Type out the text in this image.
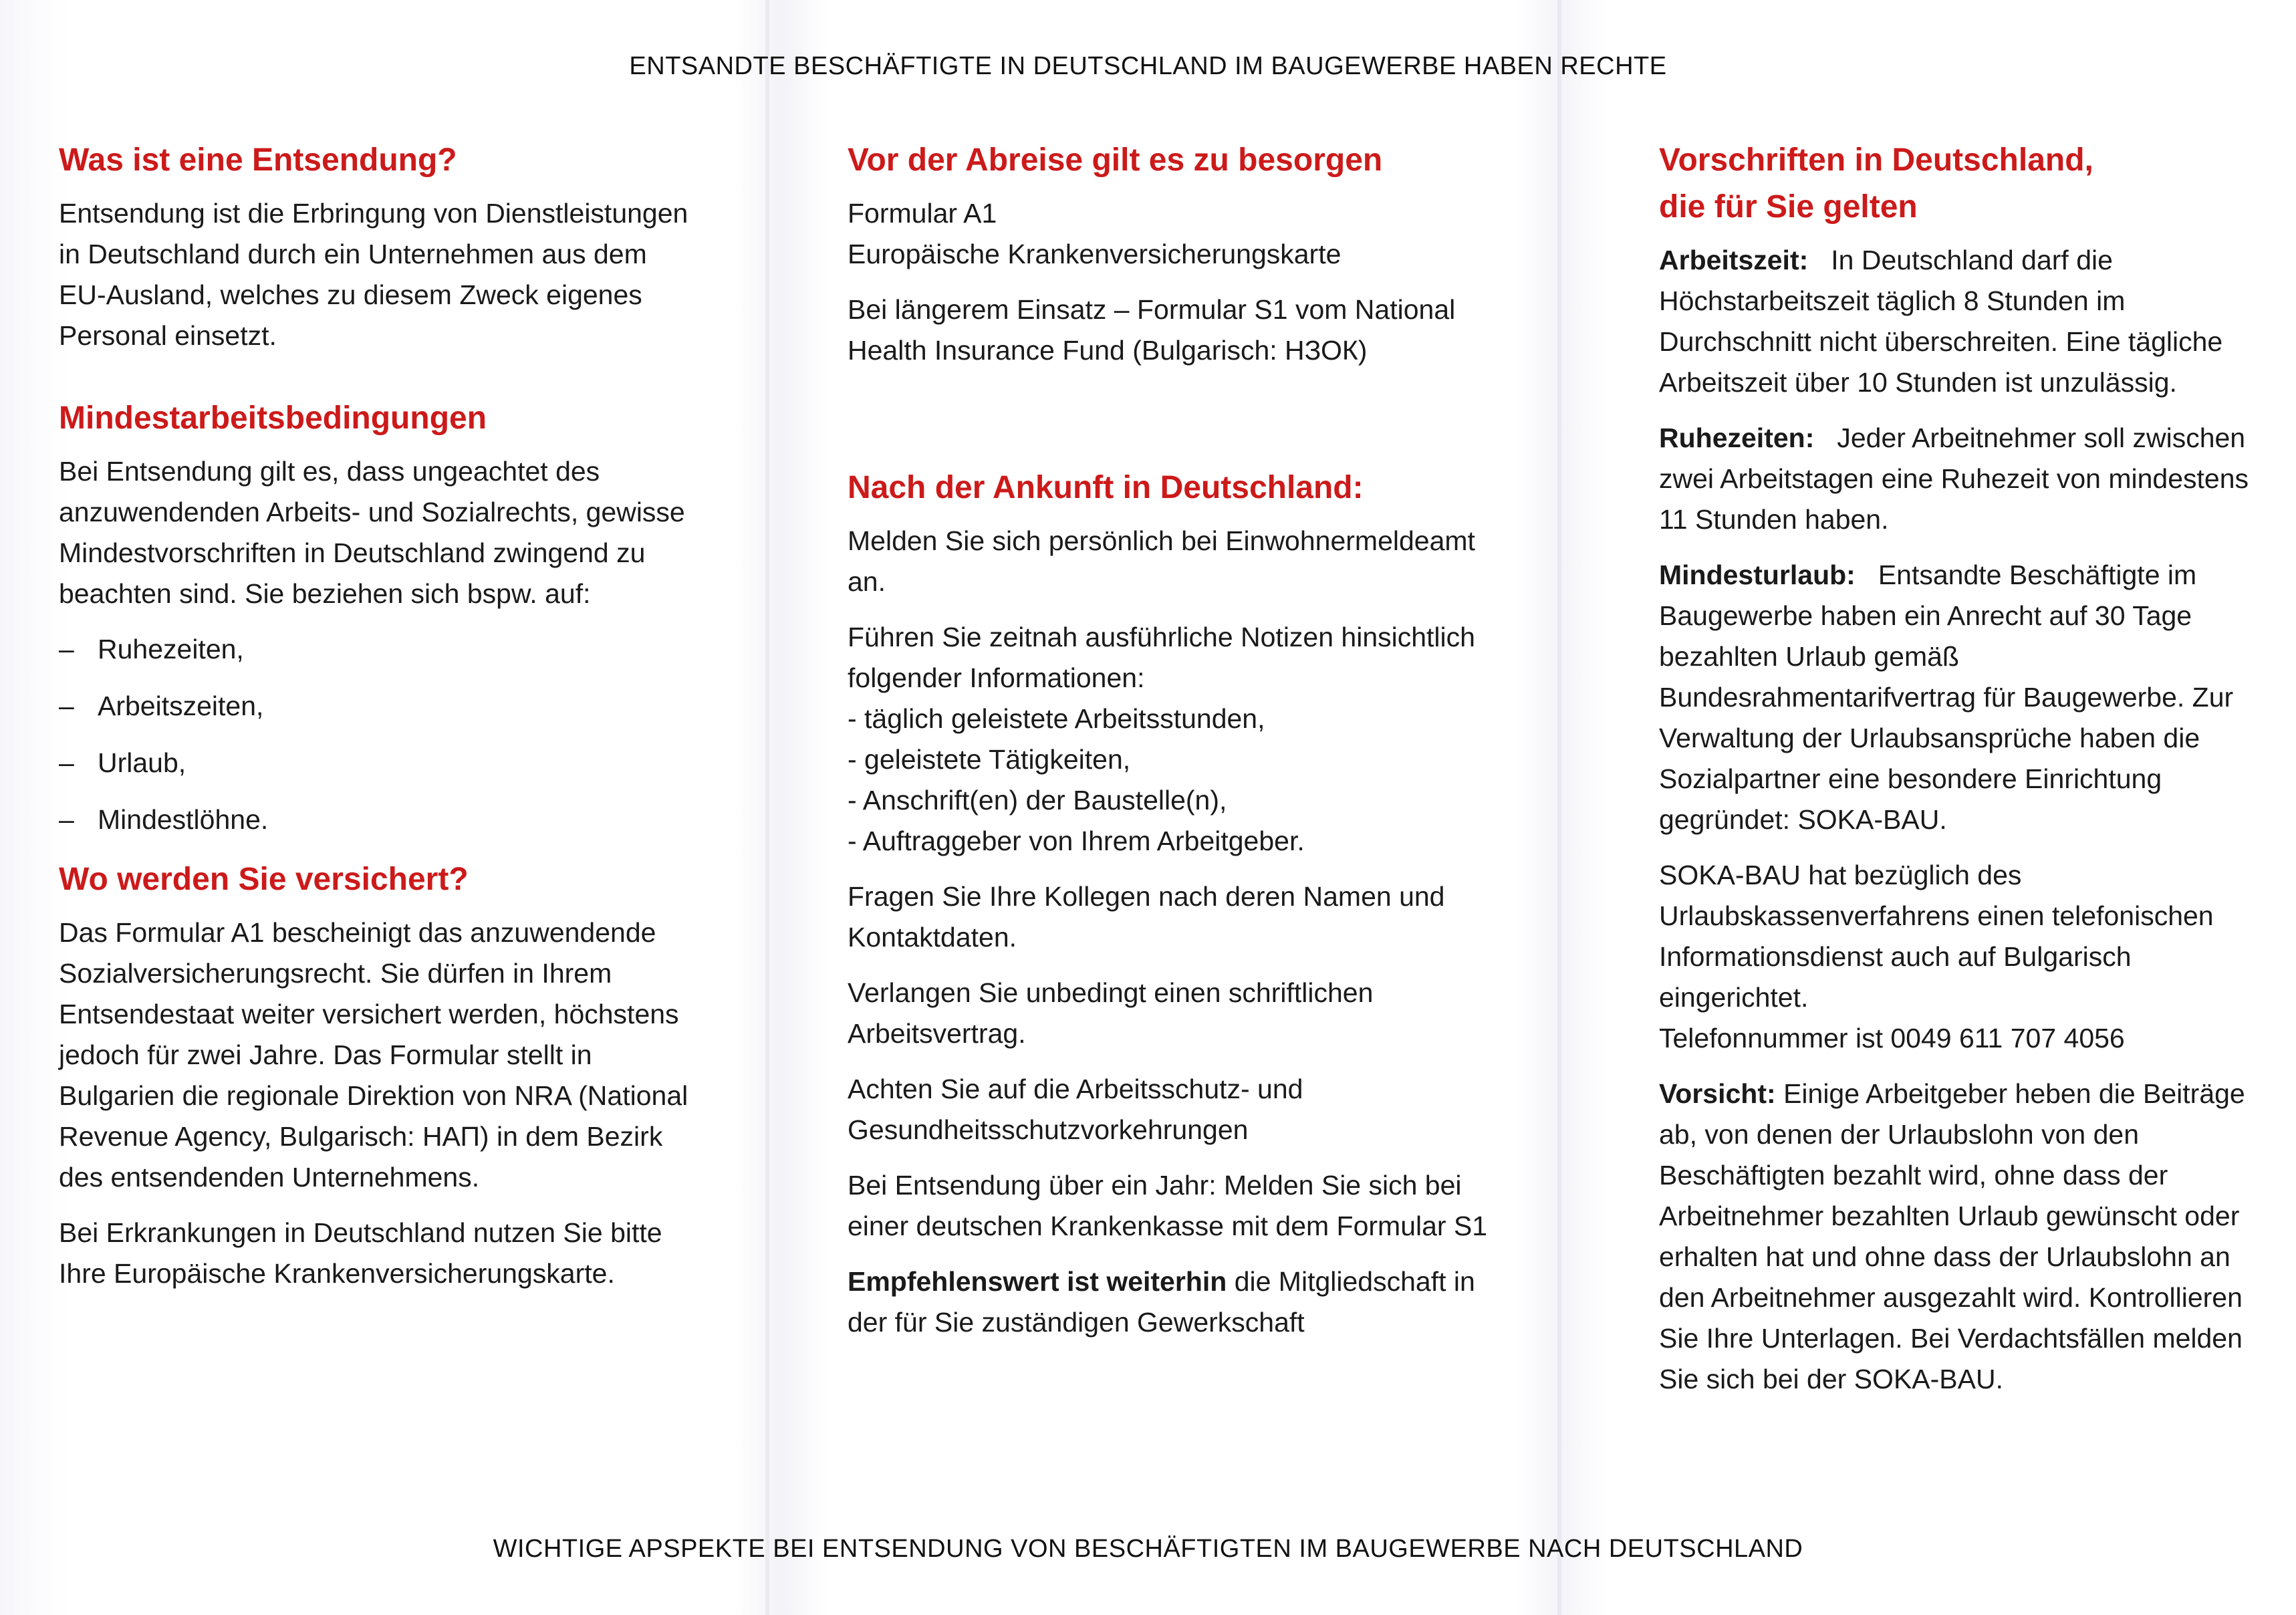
ENTSANDTE BESCHÄFTIGTE IN DEUTSCHLAND IM BAUGEWERBE HABEN RECHTE
Was ist eine Entsendung?

Entsendung ist die Erbringung von Dienstleistungen in Deutschland durch ein Unternehmen aus dem EU-Ausland, welches zu diesem Zweck eigenes Personal einsetzt.

Mindestarbeitsbedingungen

Bei Entsendung gilt es, dass ungeachtet des anzuwendenden Arbeits- und Sozialrechts, gewisse Mindestvorschriften in Deutschland zwingend zu beachten sind. Sie beziehen sich bspw. auf:

– Ruhezeiten,
– Arbeitszeiten,
– Urlaub,
– Mindestlöhne.
Wo werden Sie versichert?

Das Formular A1 bescheinigt das anzuwendende Sozialversicherungsrecht. Sie dürfen in Ihrem Entsendestaat weiter versichert werden, höchstens jedoch für zwei Jahre. Das Formular stellt in Bulgarien die regionale Direktion von NRA (National Revenue Agency, Bulgarisch: НАП) in dem Bezirk des entsendenden Unternehmens.

Bei Erkrankungen in Deutschland nutzen Sie bitte Ihre Europäische Krankenversicherungskarte.

Vor der Abreise gilt es zu besorgen
Formular A1
Europäische Krankenversicherungskarte

Bei längerem Einsatz – Formular S1 vom National Health Insurance Fund (Bulgarisch: НЗОК)

Nach der Ankunft in Deutschland:

Melden Sie sich persönlich bei Einwohnermeldeamt an.

Führen Sie zeitnah ausführliche Notizen hinsichtlich folgender Informationen:
- täglich geleistete Arbeitsstunden,
- geleistete Tätigkeiten,
- Anschrift(en) der Baustelle(n),
- Auftraggeber von Ihrem Arbeitgeber.

Fragen Sie Ihre Kollegen nach deren Namen und Kontaktdaten.

Verlangen Sie unbedingt einen schriftlichen Arbeitsvertrag.

Achten Sie auf die Arbeitsschutz- und Gesundheitsschutzvorkehrungen

Bei Entsendung über ein Jahr: Melden Sie sich bei einer deutschen Krankenkasse mit dem Formular S1

Empfehlenswert ist weiterhin die Mitgliedschaft in der für Sie zuständigen Gewerkschaft

Vorschriften in Deutschland,
die für Sie gelten

Arbeitszeit: In Deutschland darf die Höchstarbeitszeit täglich 8 Stunden im Durchschnitt nicht überschreiten. Eine tägliche Arbeitszeit über 10 Stunden ist unzulässig.

Ruhezeiten: Jeder Arbeitnehmer soll zwischen zwei Arbeitstagen eine Ruhezeit von mindestens 11 Stunden haben.

Mindesturlaub: Entsandte Beschäftigte im Baugewerbe haben ein Anrecht auf 30 Tage bezahlten Urlaub gemäß Bundesrahmentarifvertrag für Baugewerbe. Zur Verwaltung der Urlaubsansprüche haben die Sozialpartner eine besondere Einrichtung gegründet: SOKA-BAU.

SOKA-BAU hat bezüglich des Urlaubskassenverfahrens einen telefonischen Informationsdienst auch auf Bulgarisch eingerichtet.

Telefonnummer ist 0049 611 707 4056

Vorsicht: Einige Arbeitgeber heben die Beiträge ab, von denen der Urlaubslohn von den Beschäftigten bezahlt wird, ohne dass der Arbeitnehmer bezahlten Urlaub gewünscht oder erhalten hat und ohne dass der Urlaubslohn an den Arbeitnehmer ausgezahlt wird. Kontrollieren Sie Ihre Unterlagen. Bei Verdachtsfällen melden Sie sich bei der SOKA-BAU.

WICHTIGE APSPEKTE BEI ENTSENDUNG VON BESCHÄFTIGTEN IM BAUGEWERBE NACH DEUTSCHLAND
